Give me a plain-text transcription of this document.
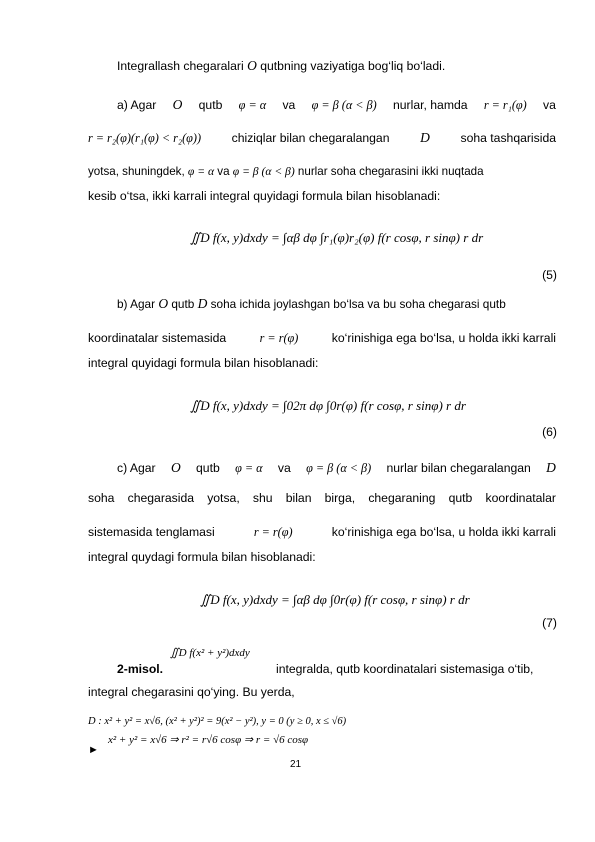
Integrallash chegaralari O qutbning vaziyatiga bog‘liq bo‘ladi.
a) Agar O qutb φ = α va φ = β (α < β) nurlar, hamda r = r₁(φ) va
r = r₂(φ)(r₁(φ) < r₂(φ))	chiziqlar bilan chegaralangan D	soha tashqarisida
yotsa, shuningdek, φ = α va φ = β (α < β) nurlar soha chegarasini ikki nuqtada
kesib o‘tsa, ikki karrali integral quyidagi formula bilan hisoblanadi:
∬D f(x, y)dxdy = ∫αβ dφ ∫r₁(φ)r₂(φ) f(r cosφ, r sinφ) r dr
(5)
b) Agar O qutb D soha ichida joylashgan bo‘lsa va bu soha chegarasi qutb
koordinatalar sistemasida	r = r(φ)	ko‘rinishiga ega bo‘lsa, u holda ikki karrali
integral quyidagi formula bilan hisoblanadi:
∬D f(x, y)dxdy = ∫02π dφ ∫0r(φ) f(r cosφ, r sinφ) r dr
(6)
c) Agar O qutb φ = α va φ = β (α < β) nurlar bilan chegaralangan D
soha chegarasida yotsa, shu bilan birga, chegaraning qutb koordinatalar
sistemasida tenglamasi	r = r(φ)	ko‘rinishiga ega bo‘lsa, u holda ikki karrali
integral quydagi formula bilan hisoblanadi:
∬D f(x, y)dxdy = ∫αβ dφ ∫0r(φ) f(r cosφ, r sinφ) r dr
(7)
2-misol.
∬D f(x² + y²)dxdy
integralda, qutb koordinatalari sistemasiga o‘tib,
integral chegarasini qo‘ying. Bu yerda,
D : x² + y² = x√6, (x² + y²)² = 9(x² − y²), y = 0 (y ≥ 0, x ≤ √6)
►
x² + y² = x√6 ⇒ r² = r√6 cosφ ⇒ r = √6 cosφ
21
